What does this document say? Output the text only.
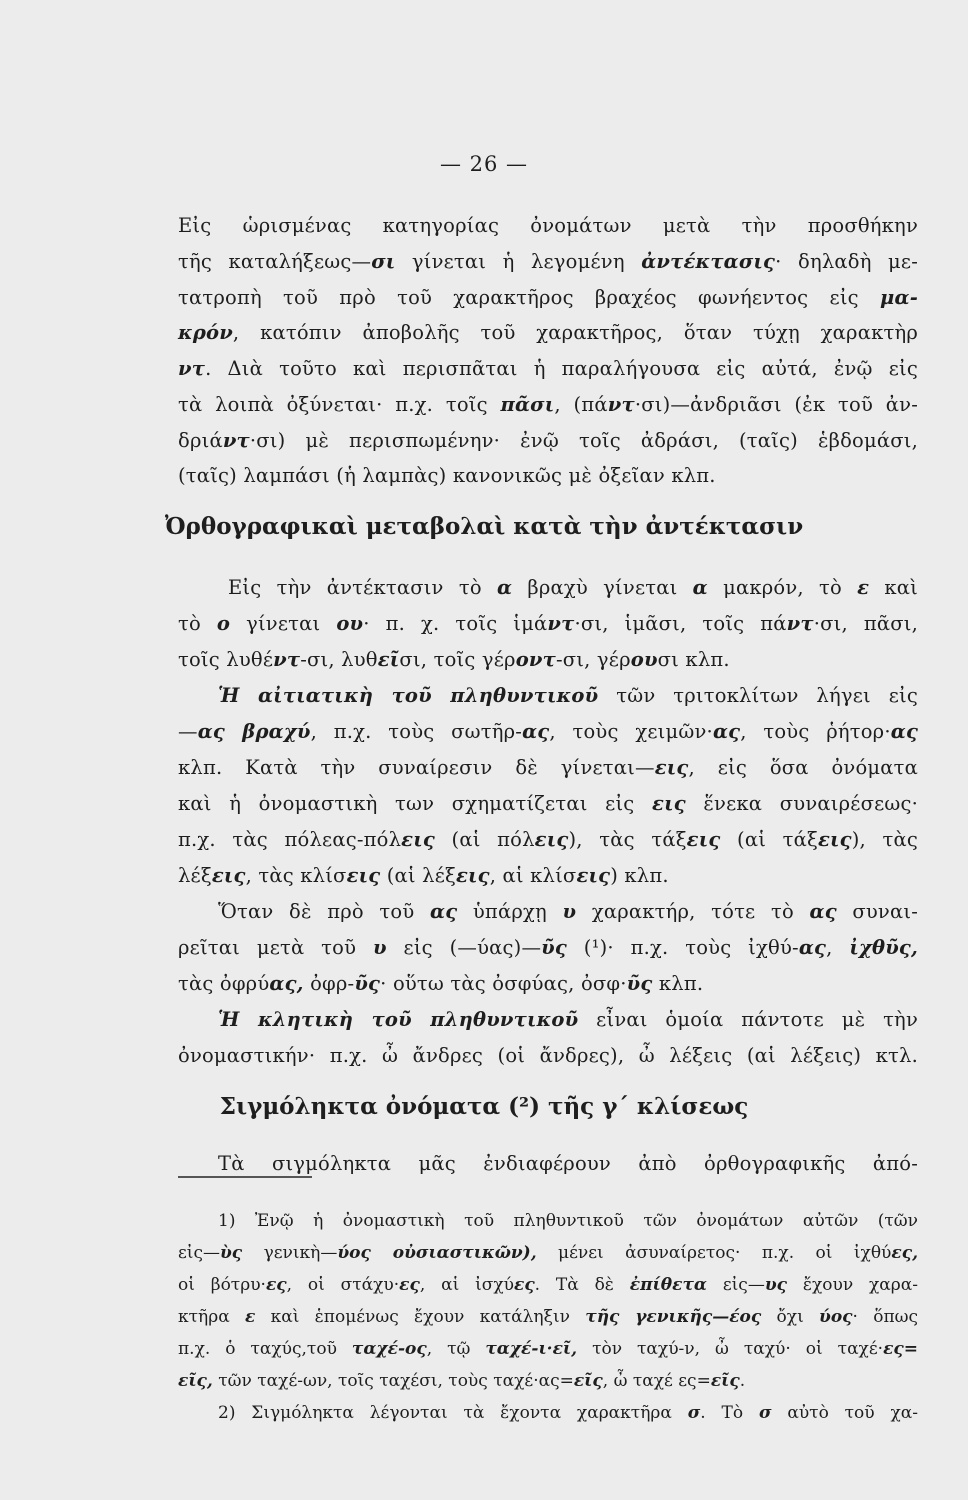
— 26 —
Εἰς ὡρισμένας κατηγορίας ὀνομάτων μετὰ τὴν προσθήκην
τῆς καταλήξεως—σι γίνεται ἡ λεγομένη ἀντέκτασις· δηλαδὴ με-
τατροπὴ τοῦ πρὸ τοῦ χαρακτῆρος βραχέος φωνήεντος εἰς μα-
κρόν, κατόπιν ἀποβολῆς τοῦ χαρακτῆρος, ὅταν τύχῃ χαρακτὴρ
ντ. Διὰ τοῦτο καὶ περισπᾶται ἡ παραλήγουσα εἰς αὐτά, ἐνῷ εἰς
τὰ λοιπὰ ὀξύνεται· π.χ. τοῖς πᾶσι, (πάντ·σι)—ἀνδριᾶσι (ἐκ τοῦ ἀν-
δριάντ·σι) μὲ περισπωμένην· ἐνῷ τοῖς ἀδράσι, (ταῖς) ἑβδομάσι,
(ταῖς) λαμπάσι (ἡ λαμπὰς) κανονικῶς μὲ ὀξεῖαν κλπ.
Ὀρθογραφικαὶ μεταβολαὶ κατὰ τὴν ἀντέκτασιν
Εἰς τὴν ἀντέκτασιν τὸ α βραχὺ γίνεται α μακρόν, τὸ ε καὶ
τὸ ο γίνεται ου· π. χ. τοῖς ἱμάντ·σι, ἱμᾶσι, τοῖς πάντ·σι, πᾶσι,
τοῖς λυθέντ-σι, λυθεῖσι, τοῖς γέροντ-σι, γέρουσι κλπ.
Ἡ αἰτιατικὴ τοῦ πληθυντικοῦ τῶν τριτοκλίτων λήγει εἰς
—ας βραχύ, π.χ. τοὺς σωτῆρ-ας, τοὺς χειμῶν·ας, τοὺς ῥήτορ·ας
κλπ. Κατὰ τὴν συναίρεσιν δὲ γίνεται—εις, εἰς ὅσα ὀνόματα
καὶ ἡ ὀνομαστικὴ των σχηματίζεται εἰς εις ἕνεκα συναιρέσεως·
π.χ. τὰς πόλεας-πόλεις (αἱ πόλεις), τὰς τάξεις (αἱ τάξεις), τὰς
λέξεις, τὰς κλίσεις (αἱ λέξεις, αἱ κλίσεις) κλπ.
Ὅταν δὲ πρὸ τοῦ ας ὑπάρχῃ υ χαρακτήρ, τότε τὸ ας συναι-
ρεῖται μετὰ τοῦ υ εἰς (—ύας)—ῦς (¹)· π.χ. τοὺς ἰχθύ-ας, ἰχθῦς,
τὰς ὀφρύας, ὀφρ-ῦς· οὕτω τὰς ὀσφύας, ὀσφ·ῦς κλπ.
Ἡ κλητικὴ τοῦ πληθυντικοῦ εἶναι ὁμοία πάντοτε μὲ τὴν
ὀνομαστικήν· π.χ. ὦ ἄνδρες (οἱ ἄνδρες), ὦ λέξεις (αἱ λέξεις) κτλ.
Σιγμόληκτα ὀνόματα (²) τῆς γ΄ κλίσεως
Τὰ σιγμόληκτα μᾶς ἐνδιαφέρουν ἀπὸ ὀρθογραφικῆς ἀπό-
1) Ἐνῷ ἡ ὀνομαστικὴ τοῦ πληθυντικοῦ τῶν ὀνομάτων αὐτῶν (τῶν
εἰς—ὺς γενικὴ—ύος οὐσιαστικῶν), μένει ἀσυναίρετος· π.χ. οἱ ἰχθύες,
οἱ βότρυ·ες, οἱ στάχυ·ες, αἱ ἰσχύες. Τὰ δὲ ἐπίθετα εἰς—υς ἔχουν χαρα-
κτῆρα ε καὶ ἑπομένως ἔχουν κατάληξιν τῆς γενικῆς—έος ὄχι ύος· ὅπως
π.χ. ὁ ταχύς,τοῦ ταχέ-ος, τῷ ταχέ-ι·εῖ, τὸν ταχύ-ν, ὦ ταχύ· οἱ ταχέ·ες=
εῖς, τῶν ταχέ-ων, τοῖς ταχέσι, τοὺς ταχέ·ας=εῖς, ὦ ταχέ ες=εῖς.
2) Σιγμόληκτα λέγονται τὰ ἔχοντα χαρακτῆρα σ. Τὸ σ αὐτὸ τοῦ χα-
